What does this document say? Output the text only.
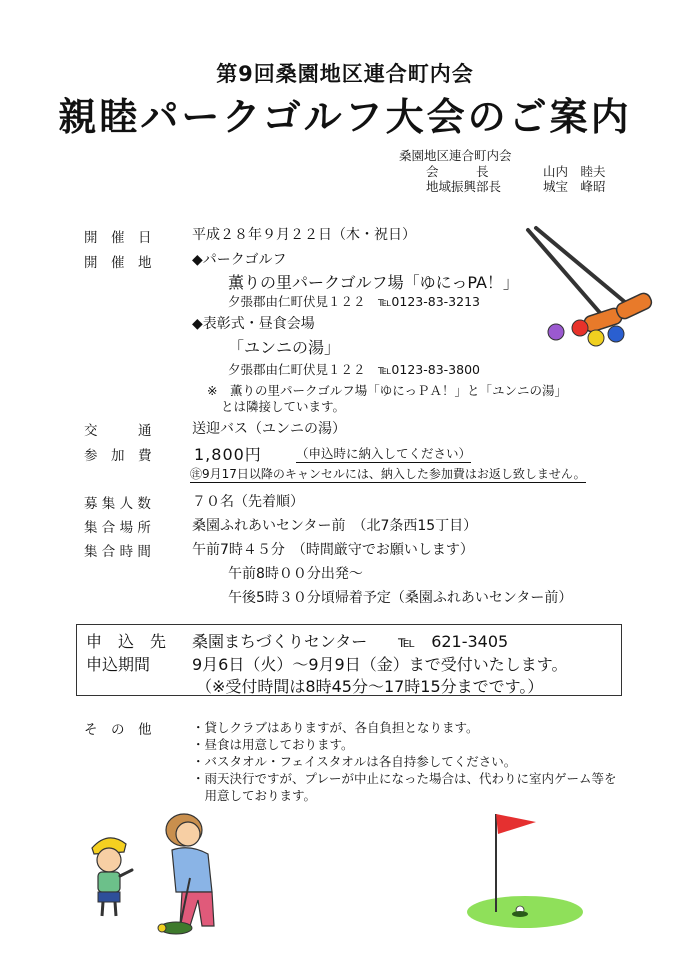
第9回桑園地区連合町内会
親睦パークゴルフ大会のご案内
桑園地区連合町内会
会　　　長	山内　睦夫
地域振興部長	城宝　峰昭
開　催　日	平成２８年９月２２日（木・祝日）
開　催　地	◆パークゴルフ
薫りの里パークゴルフ場「ゆにっPA！」
夕張郡由仁町伏見１２２　℡0123-83-3213
◆表彰式・昼食会場
「ユンニの湯」
夕張郡由仁町伏見１２２　℡0123-83-3800
※　薫りの里パークゴルフ場「ゆにっＰＡ！」と「ユンニの湯」
とは隣接しています。
交　　　通	送迎バス（ユンニの湯）
参　加　費	1,800円	（申込時に納入してください）
㊟9月17日以降のキャンセルには、納入した参加費はお返し致しません。
募 集 人 数	７０名（先着順）
集 合 場 所	桑園ふれあいセンター前　（北7条西15丁目）
集 合 時 間	午前7時４５分　（時間厳守でお願いします）
午前8時００分出発～
午後5時３０分頃帰着予定（桑園ふれあいセンター前）
申　込　先 桑園まちづくりセンター ℡　621-3405
申込期間	9月6日（火）～9月9日（金）まで受付いたします。
（※受付時間は8時45分～17時15分までです。）
そ　の　他	・貸しクラブはありますが、各自負担となります。
・昼食は用意しております。
・バスタオル・フェイスタオルは各自持参してください。
・雨天決行ですが、プレーが中止になった場合は、代わりに室内ゲーム等を
　用意しております。
